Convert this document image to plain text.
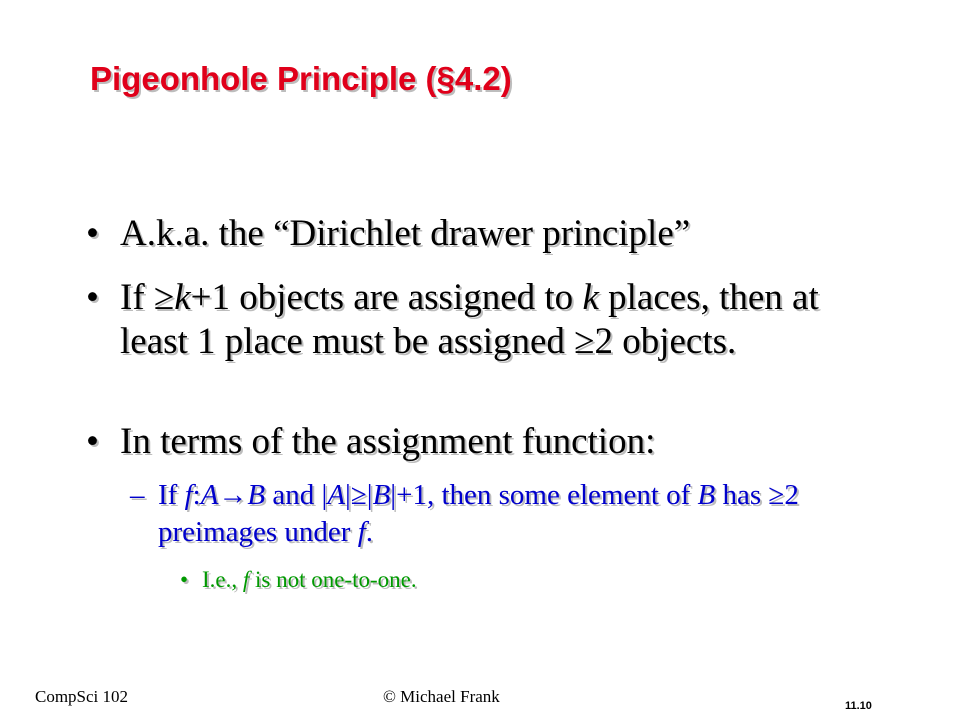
Pigeonhole Principle (§4.2)
• A.k.a. the “Dirichlet drawer principle”
• If ≥k+1 objects are assigned to k places, then at least 1 place must be assigned ≥2 objects.
• In terms of the assignment function:
– If f:A→B and |A|≥|B|+1, then some element of B has ≥2 preimages under f.
• I.e., f is not one-to-one.
CompSci 102	© Michael Frank	11.10
